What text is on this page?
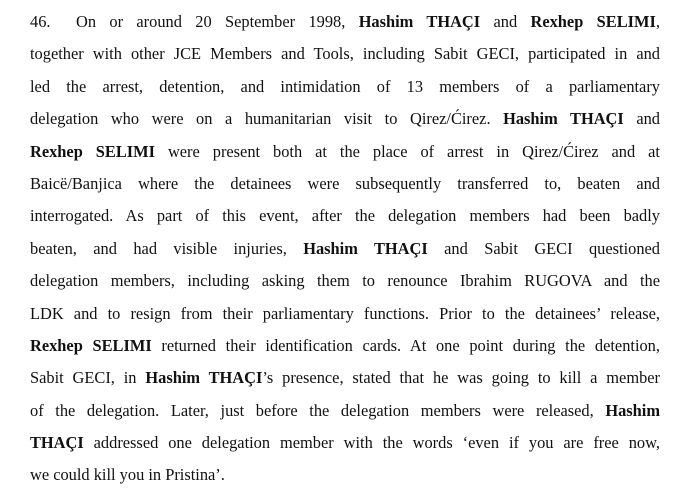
46. On or around 20 September 1998, Hashim THAÇI and Rexhep SELIMI,
together with other JCE Members and Tools, including Sabit GECI, participated in and
led the arrest, detention, and intimidation of 13 members of a parliamentary
delegation who were on a humanitarian visit to Qirez/Ćirez. Hashim THAÇI and
Rexhep SELIMI were present both at the place of arrest in Qirez/Ćirez and at
Baicë/Banjica where the detainees were subsequently transferred to, beaten and
interrogated. As part of this event, after the delegation members had been badly
beaten, and had visible injuries, Hashim THAÇI and Sabit GECI questioned
delegation members, including asking them to renounce Ibrahim RUGOVA and the
LDK and to resign from their parliamentary functions. Prior to the detainees’ release,
Rexhep SELIMI returned their identification cards. At one point during the detention,
Sabit GECI, in Hashim THAÇI’s presence, stated that he was going to kill a member
of the delegation. Later, just before the delegation members were released, Hashim
THAÇI addressed one delegation member with the words ‘even if you are free now,
we could kill you in Pristina’.
